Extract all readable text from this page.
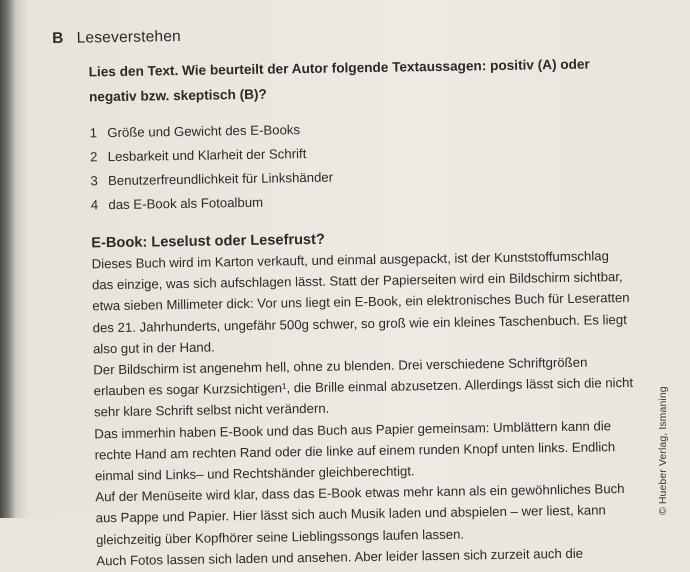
B Leseverstehen
Lies den Text. Wie beurteilt der Autor folgende Textaussagen: positiv (A) oder negativ bzw. skeptisch (B)?
1 Größe und Gewicht des E-Books
2 Lesbarkeit und Klarheit der Schrift
3 Benutzerfreundlichkeit für Linkshänder
4 das E-Book als Fotoalbum
E-Book: Leselust oder Lesefrust?

Dieses Buch wird im Karton verkauft, und einmal ausgepackt, ist der Kunststoffumschlag das einzige, was sich aufschlagen lässt. Statt der Papierseiten wird ein Bildschirm sichtbar, etwa sieben Millimeter dick: Vor uns liegt ein E-Book, ein elektronisches Buch für Leseratten des 21. Jahrhunderts, ungefähr 500g schwer, so groß wie ein kleines Taschenbuch. Es liegt also gut in der Hand.

Der Bildschirm ist angenehm hell, ohne zu blenden. Drei verschiedene Schriftgrößen erlauben es sogar Kurzsichtigen¹, die Brille einmal abzusetzen. Allerdings lässt sich die nicht sehr klare Schrift selbst nicht verändern.

Das immerhin haben E-Book und das Buch aus Papier gemeinsam: Umblättern kann die rechte Hand am rechten Rand oder die linke auf einem runden Knopf unten links. Endlich einmal sind Links– und Rechtshänder gleichberechtigt.

Auf der Menüseite wird klar, dass das E-Book etwas mehr kann als ein gewöhnliches Buch aus Pappe und Papier. Hier lässt sich auch Musik laden und abspielen – wer liest, kann gleichzeitig über Kopfhörer seine Lieblingssongs laufen lassen.

Auch Fotos lassen sich laden und ansehen. Aber leider lassen sich zurzeit auch die

© Hueber Verlag, Ismaning
